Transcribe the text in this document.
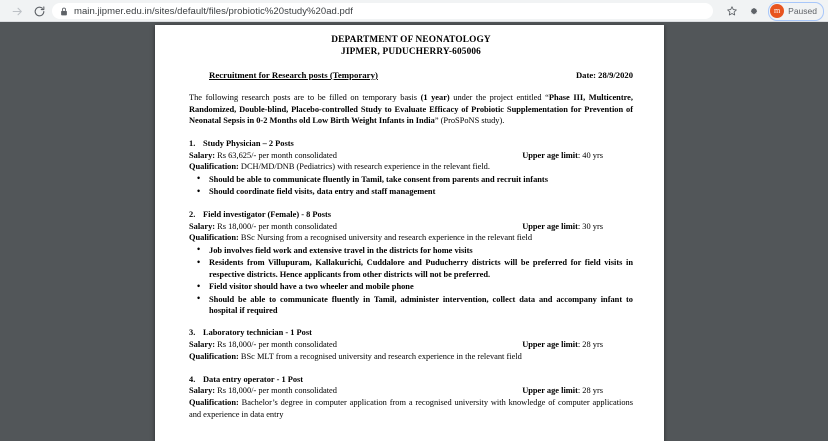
main.jipmer.edu.in/sites/default/files/probiotic%20study%20ad.pdf	m Paused
DEPARTMENT OF NEONATOLOGY
JIPMER, PUDUCHERRY-605006
Recruitment for Research posts (Temporary)	Date: 28/9/2020
The following research posts are to be filled on temporary basis (1 year) under the project entitled “Phase III, Multicentre, Randomized, Double-blind, Placebo-controlled Study to Evaluate Efficacy of Probiotic Supplementation for Prevention of Neonatal Sepsis in 0-2 Months old Low Birth Weight Infants in India” (ProSPoNS study).
1. Study Physician – 2 Posts
Salary: Rs 63,625/- per month consolidated	Upper age limit: 40 yrs
Qualification: DCH/MD/DNB (Pediatrics) with research experience in the relevant field.
• Should be able to communicate fluently in Tamil, take consent from parents and recruit infants
• Should coordinate field visits, data entry and staff management
2. Field investigator (Female) - 8 Posts
Salary: Rs 18,000/- per month consolidated	Upper age limit: 30 yrs
Qualification: BSc Nursing from a recognised university and research experience in the relevant field
• Job involves field work and extensive travel in the districts for home visits
• Residents from Villupuram, Kallakurichi, Cuddalore and Puducherry districts will be preferred for field visits in respective districts. Hence applicants from other districts will not be preferred.
• Field visitor should have a two wheeler and mobile phone
• Should be able to communicate fluently in Tamil, administer intervention, collect data and accompany infant to hospital if required
3. Laboratory technician - 1 Post
Salary: Rs 18,000/- per month consolidated	Upper age limit: 28 yrs
Qualification: BSc MLT from a recognised university and research experience in the relevant field
4. Data entry operator - 1 Post
Salary: Rs 18,000/- per month consolidated	Upper age limit: 28 yrs
Qualification: Bachelor’s degree in computer application from a recognised university with knowledge of computer applications and experience in data entry
